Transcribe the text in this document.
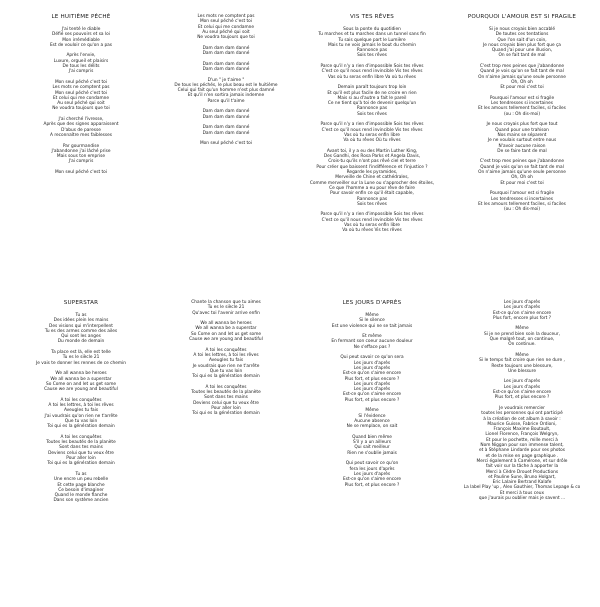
LE HUITIÈME PÉCHÉ
J'ai tenté le diable
Défié ses pouvoirs et sa loi
Mon irrémédiable
Est de vouloir ce qu'on a pas
Après l'envie,
Luxure, orgueil et plaisirs
De tous les délits
J'ai compris
Mon seul péché c'est toi
Les mots ne comptent pas
Mon seul péché c'est toi
Et celui qui me condamne
Au seul péché qui soit
Ne voudra toujours que toi
J'ai cherché l'ivresse,
Après que des signes apparaissent
D'abus de paresse
A reconnaître mes faiblesses
Par gourmandise
J'abandonne j'ai lâché prise
Mais sous ton emprise
J'ai compris
Mon seul péché c'est toi
Les mots ne comptent pas
Mon seul péché c'est toi
Et celui qui me condamne
Au seul péché qui soit
Ne voudra toujours que toi
Dam dam dam danné
Dam dam dam danné
Dam dam dam danné
Dam dam dam danné
D'un " je t'aime "
De tous les péchés, le plus beau est le huitième
Celui qui fait qu'un homme n'est plus damné
Et qu'il n'en sortira jamais indemne
Parce qu'il t'aime
Dam dam dam danné
Dam dam dam danné
Dam dam dam danné
Dam dam dam danné
Mon seul péché c'est toi
VIS TES RÊVES
Sous la ponte du quotidien
Tu marches et tu marches dans un tunnel sans fin
Tu sais quelque part le Lumière
Mais tu ne vois jamais le bout du chemin
Rannonce pas
Sois tes rêves
Parce qu'il n'y a rien d'impossible Sois tes rêves
C'est ce qu'il nous rend invincible Vis tes rêves
Vas où tu seras enfin libre Va où tu rêves
Demain paraît toujours trop loin
Et qu'il est plus facile de ne croire en rien
Mais si au d'autre a fait le pareil
Ce ne tient qu'à toi de devenir quelqu'un
Rannonce pas
Sois tes rêves
Parce qu'il n'y a rien d'impossible Sois tes rêves
C'est ce qu'il nous rend invincible Vis tes rêves
Vas où tu seras enfin libre
Va où tu rêves Où tu rêves
Avant toi, il y a eu des Martin Luther King,
Des Gandhi, des Rosa Parks et Angela Davis,
Crois-tu qu'ils n'ont pas rêvé ciel et terre
Pour créer que baissent l'indifférence et l'injustice ?
Regarde les pyramides,
Merveille de Chine et cathédrales,
Comme merveiller sur la Lune ou s'approcher des étoiles,
Ce que l'homme a eu pour rêve de faire
Pour savoir enfin ce qu'il était capable,
Rannonce pas
Sois tes rêves
Parce qu'il n'y a rien d'impossible Sois tes rêves
C'est ce qu'il nous rend invincible Vis tes rêves
Vas où tu seras enfin libre
Va où tu rêves Vis tes rêves
POURQUOI L'AMOUR EST SI FRAGILE
Si je nous croyais bien accablé
De toutes ces tentations
Que l'on sait d'un coin,
Je nous croyais bien plus fort que ça
Quand j'ai pour une illusion,
On se fait tant de mal
C'est trop mes peines que j'abandonne
Quand je vois qu'on se fait tant de mal
On n'aime jamais qu'une seule personne
Oh, Oh oh
Et pour moi c'est toi
Pourquoi l'amour est si fragile
Les tendresses si incertaines
Et les amours tellement faciles, si faciles
(ou : Oh dis-moi)
Je nous croyais plus fort que tout
Quand pour une trahison
Nos mains se séparent
Je ne voulais surtout entre nous
N'avoir aucune raison
De se faire tant de mal
C'est trop mes peines que j'abandonne
Quand je vois qu'on se fait tant de mal
On n'aime jamais qu'une seule personne
Oh, Oh oh
Et pour moi c'est toi
Pourquoi l'amour est si fragile
Les tendresses si incertaines
Et les amours tellement faciles, si faciles
(ou : Oh dis-moi)
SUPERSTAR
Tu as
Des idées plein les mains
Des visions qui m'interpellent
Tu es des armes comme des ailes
Qui sont les anges
Du monde de demain
Ta place est là, elle est telle
Tu es le siècle 21
Je vais te donner les rennes de ce chemin
We all wanna be heroes
We all wanna be a superstar
So Come on and let us get some
Cause we are young and beautiful
A toi les conquêtes
A toi les lettres, à toi les rêves
Aveugles tu fais
J'ai voudrais qu'on rien ne t'arrête
Que tu vas loin
Toi qui es la génération demain
A toi les conquêtes
Toutes les beautés de la planète
Sont dans tes mains
Deviens celui que tu veux être
Pour aller loin
Toi qui es la génération demain
Tu as
Une encre un peu rebelle
Et cette page blanche
Ce besoin d'imaginer
Quand le monde flanche
Dans son système ancien
Chante la chanson que tu aimes
Tu es le siècle 21
Qu'avec toi l'avenir arrive enfin
We all wanna be heroes
We all wanna be a superstar
So Come on and let us get some
Cause we are young and beautiful
A toi les conquêtes
A toi les lettres, à toi les rêves
Aveugles tu fais
Je voudrais que rien ne t'arrête
Que tu vas loin
Toi qui es la génération demain
A toi les conquêtes
Toutes les beautés de la planète
Sont dans tes mains
Deviens celui que tu veux être
Pour aller loin
Toi qui es la génération demain
LES JOURS D'APRÈS
Même
Si le silence
Est une violence qui ne se tait jamais
Et même
En fermant son coeur aucune douleur
Ne s'efface pas ?
Qui peut savoir ce qu'on sera
Les jours d'après
Les jours d'après
Est-ce qu'on s'aime encore
Plus fort, et plus encore ?
Les jours d'après
Les jours d'après
Est-ce qu'on s'aime encore
Plus fort, et plus encore ?
Même
Si l'évidence
Aucune absence
Ne se remplace, on sait
Quand bien même
S'il y a un ailleurs
Qui sait meilleur
Rien ne s'oublie jamais
Qui peut savoir ce qu'on
fera les jours d'après
Les jours d'après
Est-ce qu'on s'aime encore
Plus fort, et plus encore ?
Les jours d'après
Les jours d'après
Est-ce qu'on s'aime encore
Plus fort, encore plus fort ?
Même
Si je ne prend bien soin la douceur,
Que malgré tout, on continue,
On continue.
Même
Si le temps fait croire que rien ne dure ,
Reste toujours une blessure,
Une blessure
Les jours d'après
Les jours d'après
Est-ce qu'on s'aime encore
Plus fort, et plus encore ?
Je voudrais remercier
toutes les personnes qui ont participé
à la création de cet album à savoir :
Maurice Guisse, Fabrice Ordioni,
François Maxime Boutault,
Lionel Florence, François Welgryn,
Et pour le pochette, mille merci à
Nom Niggan pour son immense talent,
et à Stéphane Lindarde pour ses photos
et de la mise en page graphique .
Merci également à Camérone, et sur drôle
fait voir sur la tâche à apporter la
Merci à Cèdre Drouet Productions
et Pauline Sune, Bruno Holgart,
Eric Lalaire Bertrand Kalafe
La label Play 'up , Alex Gauthier, Thomas Lepage & co
Et merci à tous ceux
que j'aurais pu oublier mais je savent ...
